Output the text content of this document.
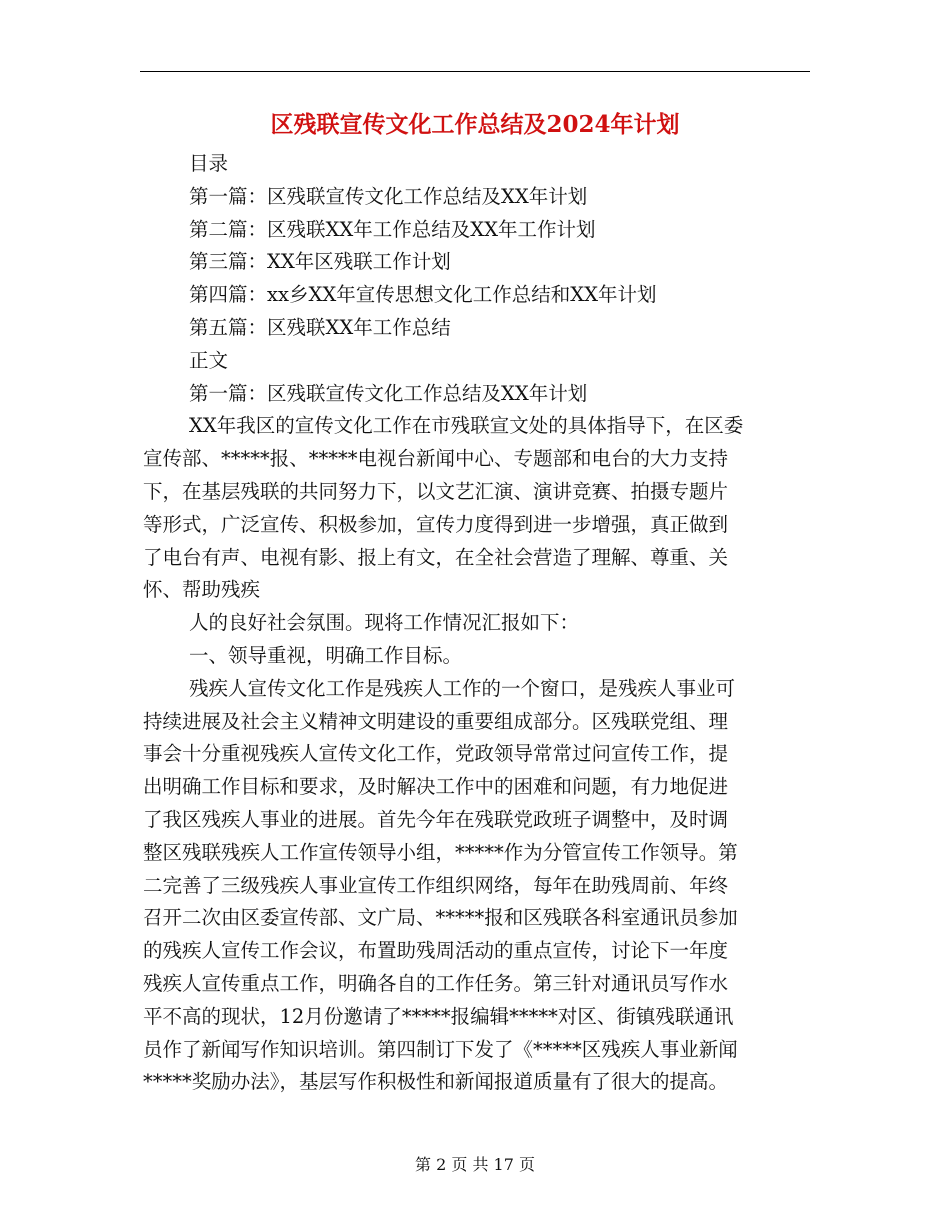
区残联宣传文化工作总结及2024年计划
目录
第一篇：区残联宣传文化工作总结及XX年计划
第二篇：区残联XX年工作总结及XX年工作计划
第三篇：XX年区残联工作计划
第四篇：xx乡XX年宣传思想文化工作总结和XX年计划
第五篇：区残联XX年工作总结
正文
第一篇：区残联宣传文化工作总结及XX年计划
XX年我区的宣传文化工作在市残联宣文处的具体指导下，在区委
宣传部、*****报、*****电视台新闻中心、专题部和电台的大力支持
下，在基层残联的共同努力下，以文艺汇演、演讲竞赛、拍摄专题片
等形式，广泛宣传、积极参加，宣传力度得到进一步增强，真正做到
了电台有声、电视有影、报上有文，在全社会营造了理解、尊重、关
怀、帮助残疾
人的良好社会氛围。现将工作情况汇报如下：
一、领导重视，明确工作目标。
残疾人宣传文化工作是残疾人工作的一个窗口，是残疾人事业可
持续进展及社会主义精神文明建设的重要组成部分。区残联党组、理
事会十分重视残疾人宣传文化工作，党政领导常常过问宣传工作，提
出明确工作目标和要求，及时解决工作中的困难和问题，有力地促进
了我区残疾人事业的进展。首先今年在残联党政班子调整中，及时调
整区残联残疾人工作宣传领导小组，*****作为分管宣传工作领导。第
二完善了三级残疾人事业宣传工作组织网络，每年在助残周前、年终
召开二次由区委宣传部、文广局、*****报和区残联各科室通讯员参加
的残疾人宣传工作会议，布置助残周活动的重点宣传，讨论下一年度
残疾人宣传重点工作，明确各自的工作任务。第三针对通讯员写作水
平不高的现状，12月份邀请了*****报编辑*****对区、街镇残联通讯
员作了新闻写作知识培训。第四制订下发了《*****区残疾人事业新闻
*****奖励办法》，基层写作积极性和新闻报道质量有了很大的提高。
第 2 页 共 17 页
